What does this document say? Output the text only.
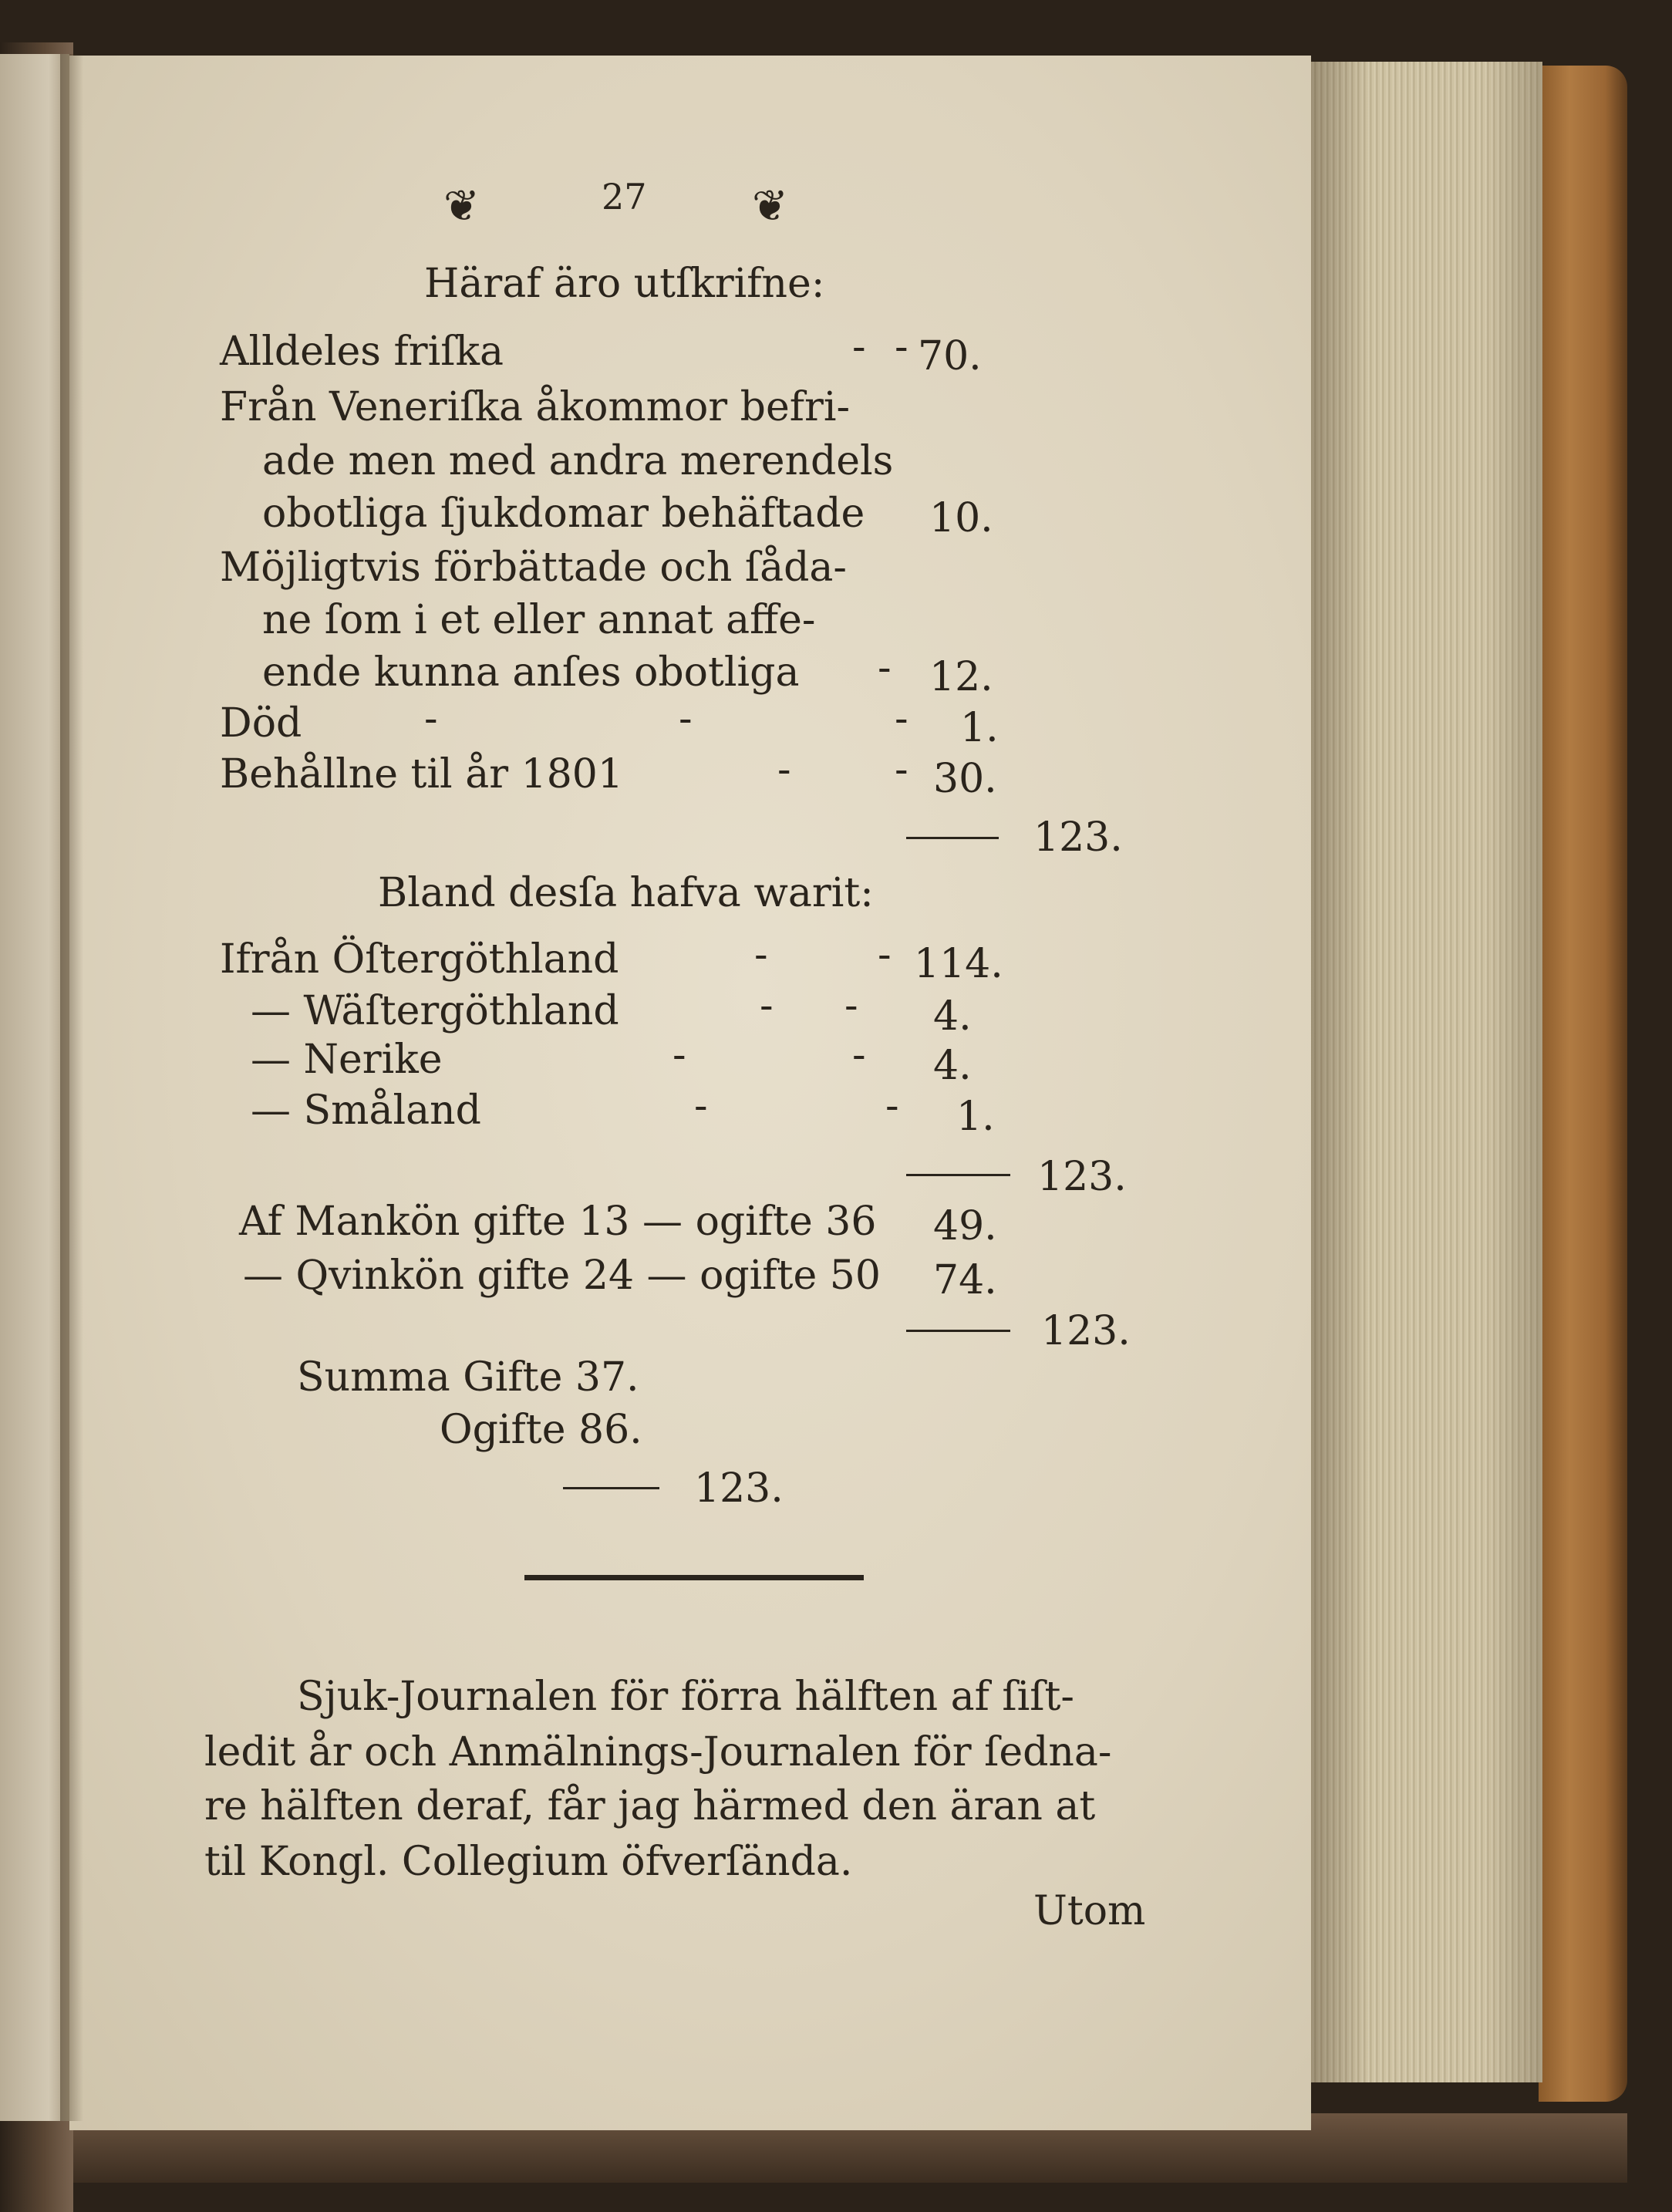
❦	27 ❦
Häraf äro utſkrifne:
Alldeles friſka	- - 70.
Från Veneriſka åkommor befri-
ade men med andra merendels
obotliga ſjukdomar behäftade 10.
Möjligtvis förbättade och ſåda-
ne ſom i et eller annat affe-
ende kunna anſes obotliga - 12.
Död	-	-	- 1.
Behållne til år 1801	-	- 30.
123.
Bland desſa hafva warit:
Ifrån Öſtergöthland	-	- 114.
— Wäſtergöthland	- - 4.
— Nerike	-	- 4.
— Småland	-	- 1.
123.
Af Mankön gifte 13 — ogifte 36 49.
— Qvinkön gifte 24 — ogifte 50 74.
123.
Summa Gifte 37.
Ogifte 86.
123.
Sjuk-Journalen för förra hälften af ſiſt-
ledit år och Anmälnings-Journalen för ſedna-
re hälften deraf, får jag härmed den äran at
til Kongl. Collegium öfverſända.
Utom
